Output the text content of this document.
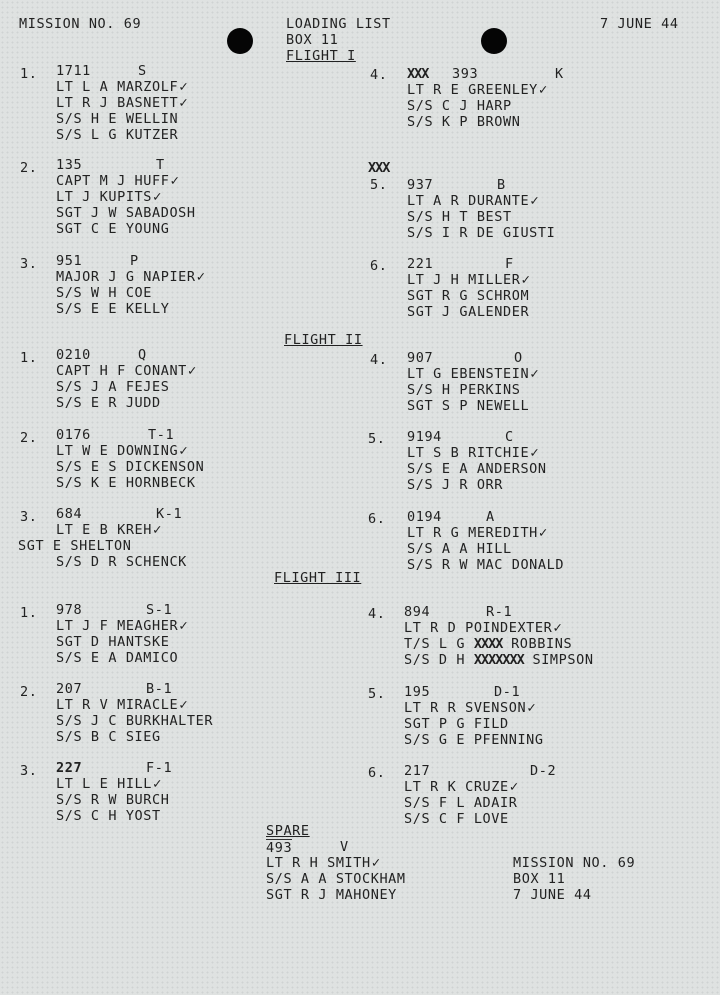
MISSION NO. 69	LOADING LIST
BOX 11
7 JUNE 44
FLIGHT I
1. 1711	S
LT L A MARZOLF✓
LT R J BASNETT✓
S/S H E WELLIN
S/S L G KUTZER
2. 135	T
CAPT M J HUFF✓
LT J KUPITS✓
SGT J W SABADOSH
SGT C E YOUNG
3. 951	P
MAJOR J G NAPIER✓
S/S W H COE
S/S E E KELLY
4. XXX 393	K
LT R E GREENLEY✓
S/S C J HARP
S/S K P BROWN
XXX
5. 937	B
LT A R DURANTE✓
S/S H T BEST
S/S I R DE GIUSTI
6. 221	F
LT J H MILLER✓
SGT R G SCHROM
SGT J GALENDER
FLIGHT II
1. 0210	Q
CAPT H F CONANT✓
S/S J A FEJES
S/S E R JUDD
2. 0176	T-1
LT W E DOWNING✓
S/S E S DICKENSON
S/S K E HORNBECK
3. 684	K-1
LT E B KREH✓
SGT E SHELTON
S/S D R SCHENCK
4. 907	O
LT G EBENSTEIN✓
S/S H PERKINS
SGT S P NEWELL
5. 9194	C
LT S B RITCHIE✓
S/S E A ANDERSON
S/S J R ORR
6. 0194	A
LT R G MEREDITH✓
S/S A A HILL
S/S R W MAC DONALD
FLIGHT III
1. 978	S-1
LT J F MEAGHER✓
SGT D HANTSKE
S/S E A DAMICO
2. 207	B-1
LT R V MIRACLE✓
S/S J C BURKHALTER
S/S B C SIEG
3. 227	F-1
LT L E HILL✓
S/S R W BURCH
S/S C H YOST
4. 894	R-1
LT R D POINDEXTER✓
T/S L G XXXX ROBBINS
S/S D H XXXXXXX SIMPSON
5. 195	D-1
LT R R SVENSON✓
SGT P G FILD
S/S G E PFENNING
6. 217	D-2
LT R K CRUZE✓
S/S F L ADAIR
S/S C F LOVE
SPARE
493	V
LT R H SMITH✓
S/S A A STOCKHAM
SGT R J MAHONEY
MISSION NO. 69
BOX 11
7 JUNE 44
